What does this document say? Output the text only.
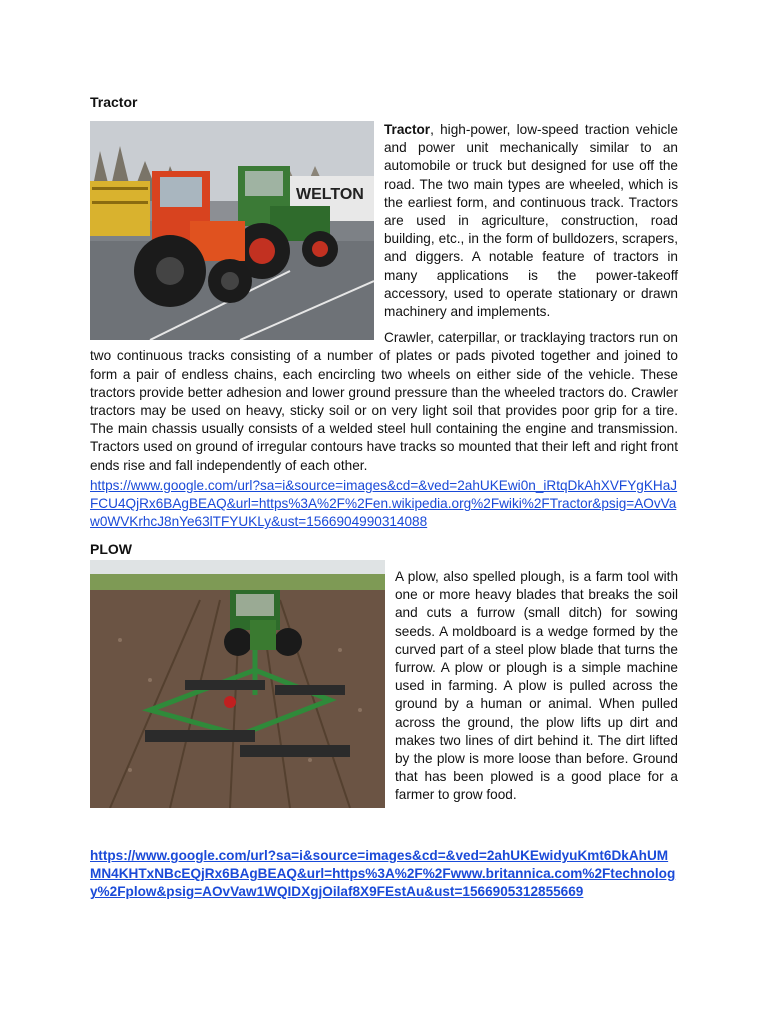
Tractor
WELTON

Tractor, high-power, low-speed traction vehicle and power unit mechanically similar to an automobile or truck but designed for use off the road. The two main types are wheeled, which is the earliest form, and continuous track. Tractors are used in agriculture, construction, road building, etc., in the form of bulldozers, scrapers, and diggers. A notable feature of tractors in many applications is the power-takeoff accessory, used to operate stationary or drawn machinery and implements.

Crawler, caterpillar, or tracklaying tractors run on two continuous tracks consisting of a number of plates or pads pivoted together and joined to form a pair of endless chains, each encircling two wheels on either side of the vehicle. These tractors provide better adhesion and lower ground pressure than the wheeled tractors do. Crawler tractors may be used on heavy, sticky soil or on very light soil that provides poor grip for a tire. The main chassis usually consists of a welded steel hull containing the engine and transmission. Tractors used on ground of irregular contours have tracks so mounted that their left and right front ends rise and fall independently of each other.

https://www.google.com/url?sa=i&source=images&cd=&ved=2ahUKEwi0n_iRtqDkAhXVFYgKHaJFCU4QjRx6BAgBEAQ&url=https%3A%2F%2Fen.wikipedia.org%2Fwiki%2FTractor&psig=AOvVaw0WVKrhcJ8nYe63lTFYUKLy&ust=1566904990314088
PLOW

A plow, also spelled plough, is a farm tool with one or more heavy blades that breaks the soil and cuts a furrow (small ditch) for sowing seeds. A moldboard is a wedge formed by the curved part of a steel plow blade that turns the furrow. A plow or plough is a simple machine used in farming. A plow is pulled across the ground by a human or animal. When pulled across the ground, the plow lifts up dirt and makes two lines of dirt behind it. The dirt lifted by the plow is more loose than before. Ground that has been plowed is a good place for a farmer to grow food.

https://www.google.com/url?sa=i&source=images&cd=&ved=2ahUKEwidyuKmt6DkAhUMMN4KHTxNBcEQjRx6BAgBEAQ&url=https%3A%2F%2Fwww.britannica.com%2Ftechnology%2Fplow&psig=AOvVaw1WQIDXgjOilaf8X9FEstAu&ust=1566905312855669
